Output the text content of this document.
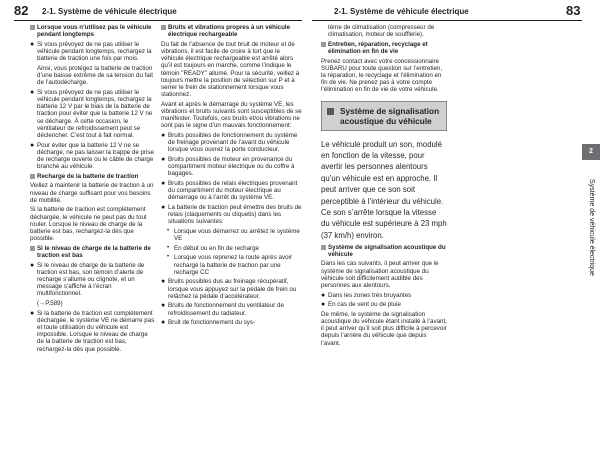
82 2-1. Système de véhicule électrique	2-1. Système de véhicule électrique	83
2
Système de véhicule électrique

Lorsque vous n’utilisez pas le véhicule pendant longtemps

● Si vous prévoyez de ne pas utiliser le véhicule pendant longtemps, rechargez la batterie de traction une fois par mois.

Ainsi, vous protégez la batterie de traction d’une baisse extrême de sa tension du fait de l’autodécharge.

● Si vous prévoyez de ne pas utiliser le véhicule pendant longtemps, rechargez la batterie 12 V par le biais de la batterie de traction pour éviter que la batterie 12 V ne se décharge. À cette occasion, le ventilateur de refroidissement peut se déclencher. C’est tout à fait normal.

● Pour éviter que la batterie 12 V ne se décharge, ne pas laisser la trappe de prise de recharge ouverte ou le câble de charge branché au véhicule.

Recharge de la batterie de traction

Veillez à maintenir la batterie de traction à un niveau de charge suffisant pour vos besoins de mobilité.

Si la batterie de traction est complètement déchargée, le véhicule ne peut pas du tout rouler. Lorsque le niveau de charge de la batterie est bas, rechargez-la dès que possible.

Si le niveau de charge de la batterie de traction est bas

● Si le niveau de charge de la batterie de traction est bas, son témoin d’alerte de recharge s’allume ou clignote, et un message s’affiche à l’écran multifonctionnel.

(→P.589)

● Si la batterie de traction est complètement déchargée, le système VE ne démarre pas et toute utilisation du véhicule est impossible. Lorsque le niveau de charge de la batterie de traction est bas, rechargez-la dès que possible.

Bruits et vibrations propres à un véhicule électrique rechargeable

Du fait de l’absence de tout bruit de moteur et de vibrations, il est facile de croire à tort que le véhicule électrique rechargeable est arrêté alors qu’il est toujours en marche, comme l’indique le témoin "READY" allumé. Pour la sécurité, veillez à toujours mettre la position de sélection sur P et à serrer le frein de stationnement lorsque vous stationnez.

Avant et après le démarrage du système VE, les vibrations et bruits suivants sont susceptibles de se manifester. Toutefois, ces bruits et/ou vibrations ne sont pas le signe d’un mauvais fonctionnement:

● Bruits possibles de fonctionnement du système de freinage provenant de l’avant du véhicule lorsque vous ouvrez la porte conducteur.

● Bruits possibles de moteur en provenance du compartiment moteur électrique ou du coffre à bagages.

● Bruits possibles de relais électriques provenant du compartiment du moteur électrique au démarrage ou à l’arrêt du système VE.

● La batterie de traction peut émettre des bruits de relais (claquements ou cliquetis) dans les situations suivantes:

• Lorsque vous démarrez ou arrêtez le système VE

• En début ou en fin de recharge

• Lorsque vous reprenez la route après avoir rechargé la batterie de traction par une recharge CC

● Bruits possibles dus au freinage récupératif, lorsque vous appuyez sur la pédale de frein ou relâchez la pédale d’accélérateur.

● Bruits de fonctionnement du ventilateur de refroidissement du radiateur.

● Bruit de fonctionnement du sys-

tème de climatisation (compresseur de climatisation, moteur de soufflerie).

Entretien, réparation, recyclage et élimination en fin de vie

Prenez contact avec votre concessionnaire SUBARU pour toute question sur l’entretien, la réparation, le recyclage et l’élimination en fin de vie. Ne prenez pas à votre compte l’élimination en fin de vie de votre véhicule.

Système de signalisation acoustique du véhicule

Le véhicule produit un son, modulé en fonction de la vitesse, pour avertir les personnes alentours qu’un véhicule est en approche. Il peut arriver que ce son soit perceptible à l’intérieur du véhicule. Ce son s’arrête lorsque la vitesse du véhicule est supérieure à 23 mph (37 km/h) environ.

Système de signalisation acoustique du véhicule

Dans les cas suivants, il peut arriver que le système de signalisation acoustique du véhicule soit difficilement audible des personnes aux alentours.

● Dans les zones très bruyantes

● En cas de vent ou de pluie

De même, le système de signalisation acoustique du véhicule étant installé à l’avant, il peut arriver qu’il soit plus difficile à percevoir depuis l’arrière du véhicule que depuis l’avant.
